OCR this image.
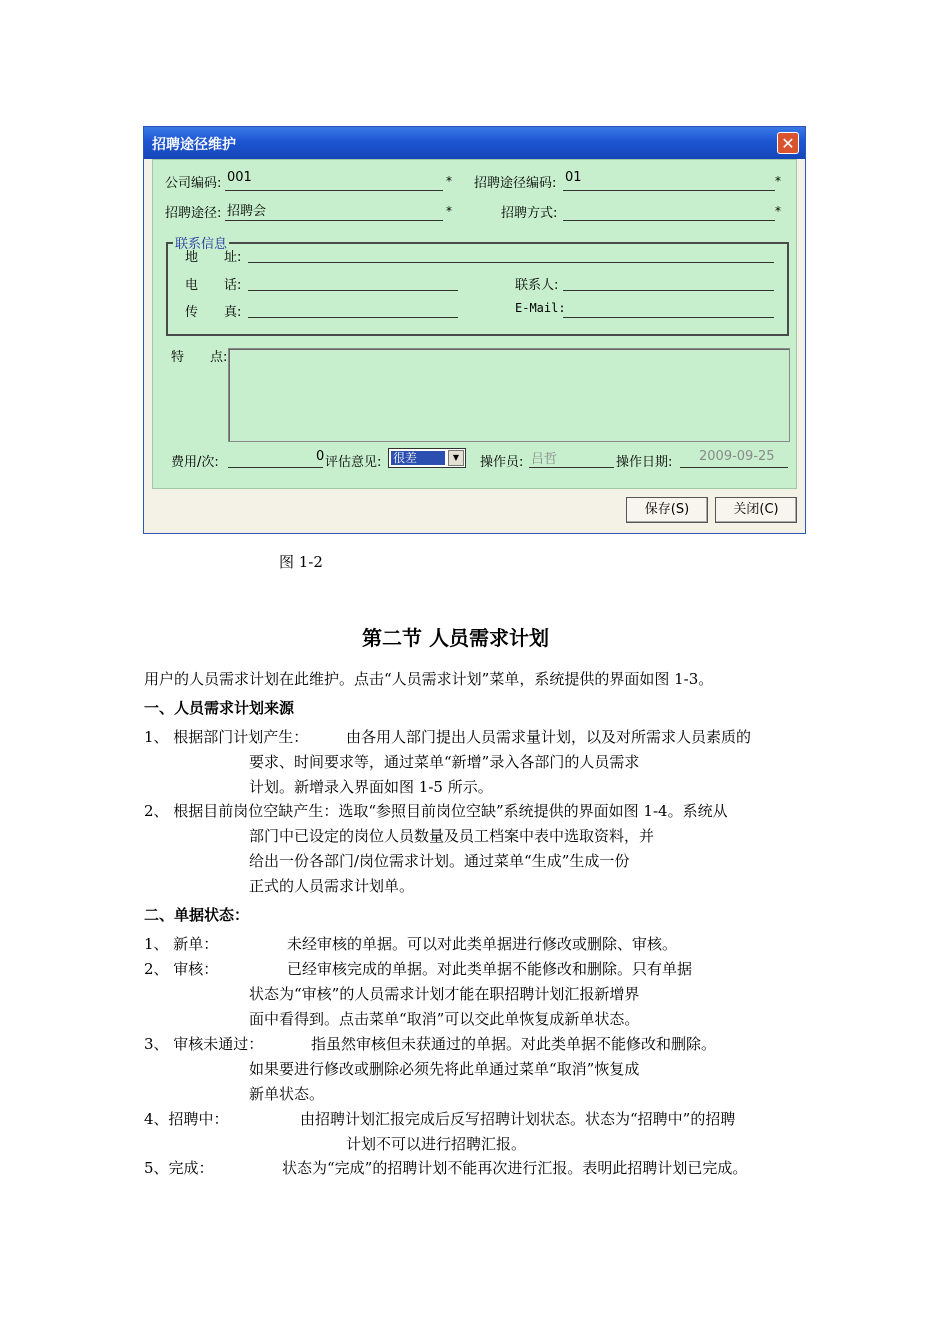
招聘途径维护	✕
公司编码: 001	* 招聘途径编码: 01	*
招聘途径: 招聘会	*	招聘方式:	*
联系信息
地　　址:
电　　话:	联系人:
传　　真:	E-Mail:
特　　点:
费用/次:	0 评估意见: 很差	▼	操作员: 吕哲	操作日期: 2009-09-25
保存(S)	关闭(C)
图 1-2
第二节 人员需求计划
用户的人员需求计划在此维护。点击“人员需求计划”菜单，系统提供的界面如图 1-3。
一、人员需求计划来源
1、 根据部门计划产生：	由各用人部门提出人员需求量计划，以及对所需求人员素质的
要求、时间要求等，通过菜单“新增”录入各部门的人员需求
计划。新增录入界面如图 1-5 所示。
2、 根据目前岗位空缺产生：选取“参照目前岗位空缺”系统提供的界面如图 1-4。系统从
部门中已设定的岗位人员数量及员工档案中表中选取资料，并
给出一份各部门/岗位需求计划。通过菜单“生成”生成一份
正式的人员需求计划单。
二、单据状态：
1、 新单：	未经审核的单据。可以对此类单据进行修改或删除、审核。
2、 审核：	已经审核完成的单据。对此类单据不能修改和删除。只有单据
状态为“审核”的人员需求计划才能在职招聘计划汇报新增界
面中看得到。点击菜单“取消”可以交此单恢复成新单状态。
3、 审核未通过：	指虽然审核但未获通过的单据。对此类单据不能修改和删除。
如果要进行修改或删除必须先将此单通过菜单“取消”恢复成
新单状态。
4、招聘中：	由招聘计划汇报完成后反写招聘计划状态。状态为“招聘中”的招聘
计划不可以进行招聘汇报。
5、完成：	状态为“完成”的招聘计划不能再次进行汇报。表明此招聘计划已完成。
